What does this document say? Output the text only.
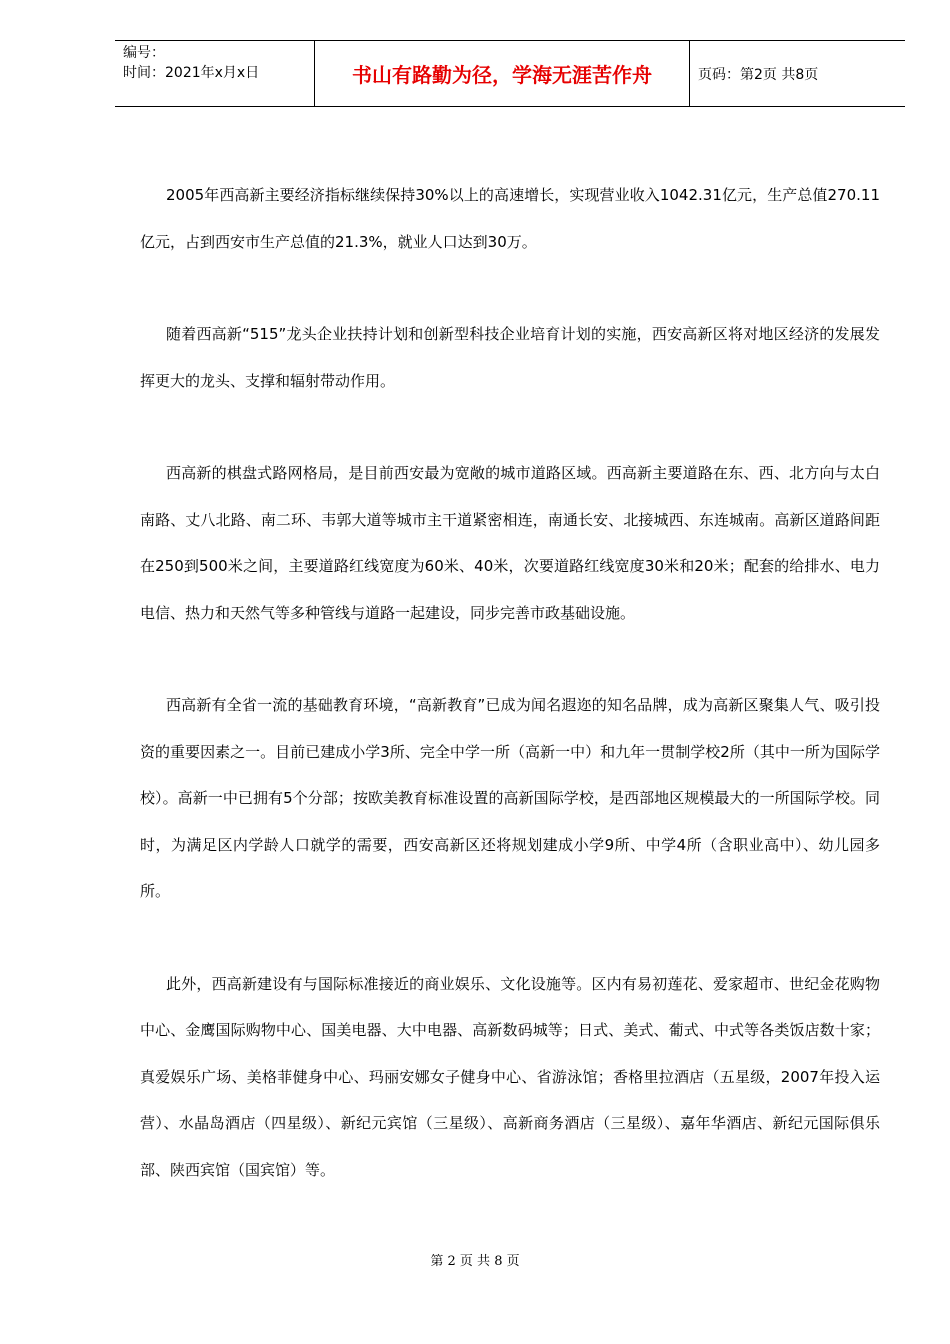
编号：
时间：2021年x月x日	书山有路勤为径，学海无涯苦作舟	页码：第2页 共8页

2005年西高新主要经济指标继续保持30%以上的高速增长，实现营业收入1042.31亿元，生产总值270.11亿元，占到西安市生产总值的21.3%，就业人口达到30万。

随着西高新“515”龙头企业扶持计划和创新型科技企业培育计划的实施，西安高新区将对地区经济的发展发挥更大的龙头、支撑和辐射带动作用。

西高新的棋盘式路网格局，是目前西安最为宽敞的城市道路区域。西高新主要道路在东、西、北方向与太白南路、丈八北路、南二环、韦郭大道等城市主干道紧密相连，南通长安、北接城西、东连城南。高新区道路间距在250到500米之间，主要道路红线宽度为60米、40米，次要道路红线宽度30米和20米；配套的给排水、电力电信、热力和天然气等多种管线与道路一起建设，同步完善市政基础设施。

西高新有全省一流的基础教育环境，“高新教育”已成为闻名遐迩的知名品牌，成为高新区聚集人气、吸引投资的重要因素之一。目前已建成小学3所、完全中学一所（高新一中）和九年一贯制学校2所（其中一所为国际学校）。高新一中已拥有5个分部；按欧美教育标准设置的高新国际学校，是西部地区规模最大的一所国际学校。同时，为满足区内学龄人口就学的需要，西安高新区还将规划建成小学9所、中学4所（含职业高中）、幼儿园多所。

此外，西高新建设有与国际标准接近的商业娱乐、文化设施等。区内有易初莲花、爱家超市、世纪金花购物中心、金鹰国际购物中心、国美电器、大中电器、高新数码城等；日式、美式、葡式、中式等各类饭店数十家；真爱娱乐广场、美格菲健身中心、玛丽安娜女子健身中心、省游泳馆；香格里拉酒店（五星级，2007年投入运营）、水晶岛酒店（四星级）、新纪元宾馆（三星级）、高新商务酒店（三星级）、嘉年华酒店、新纪元国际俱乐部、陕西宾馆（国宾馆）等。

第 2 页 共 8 页
